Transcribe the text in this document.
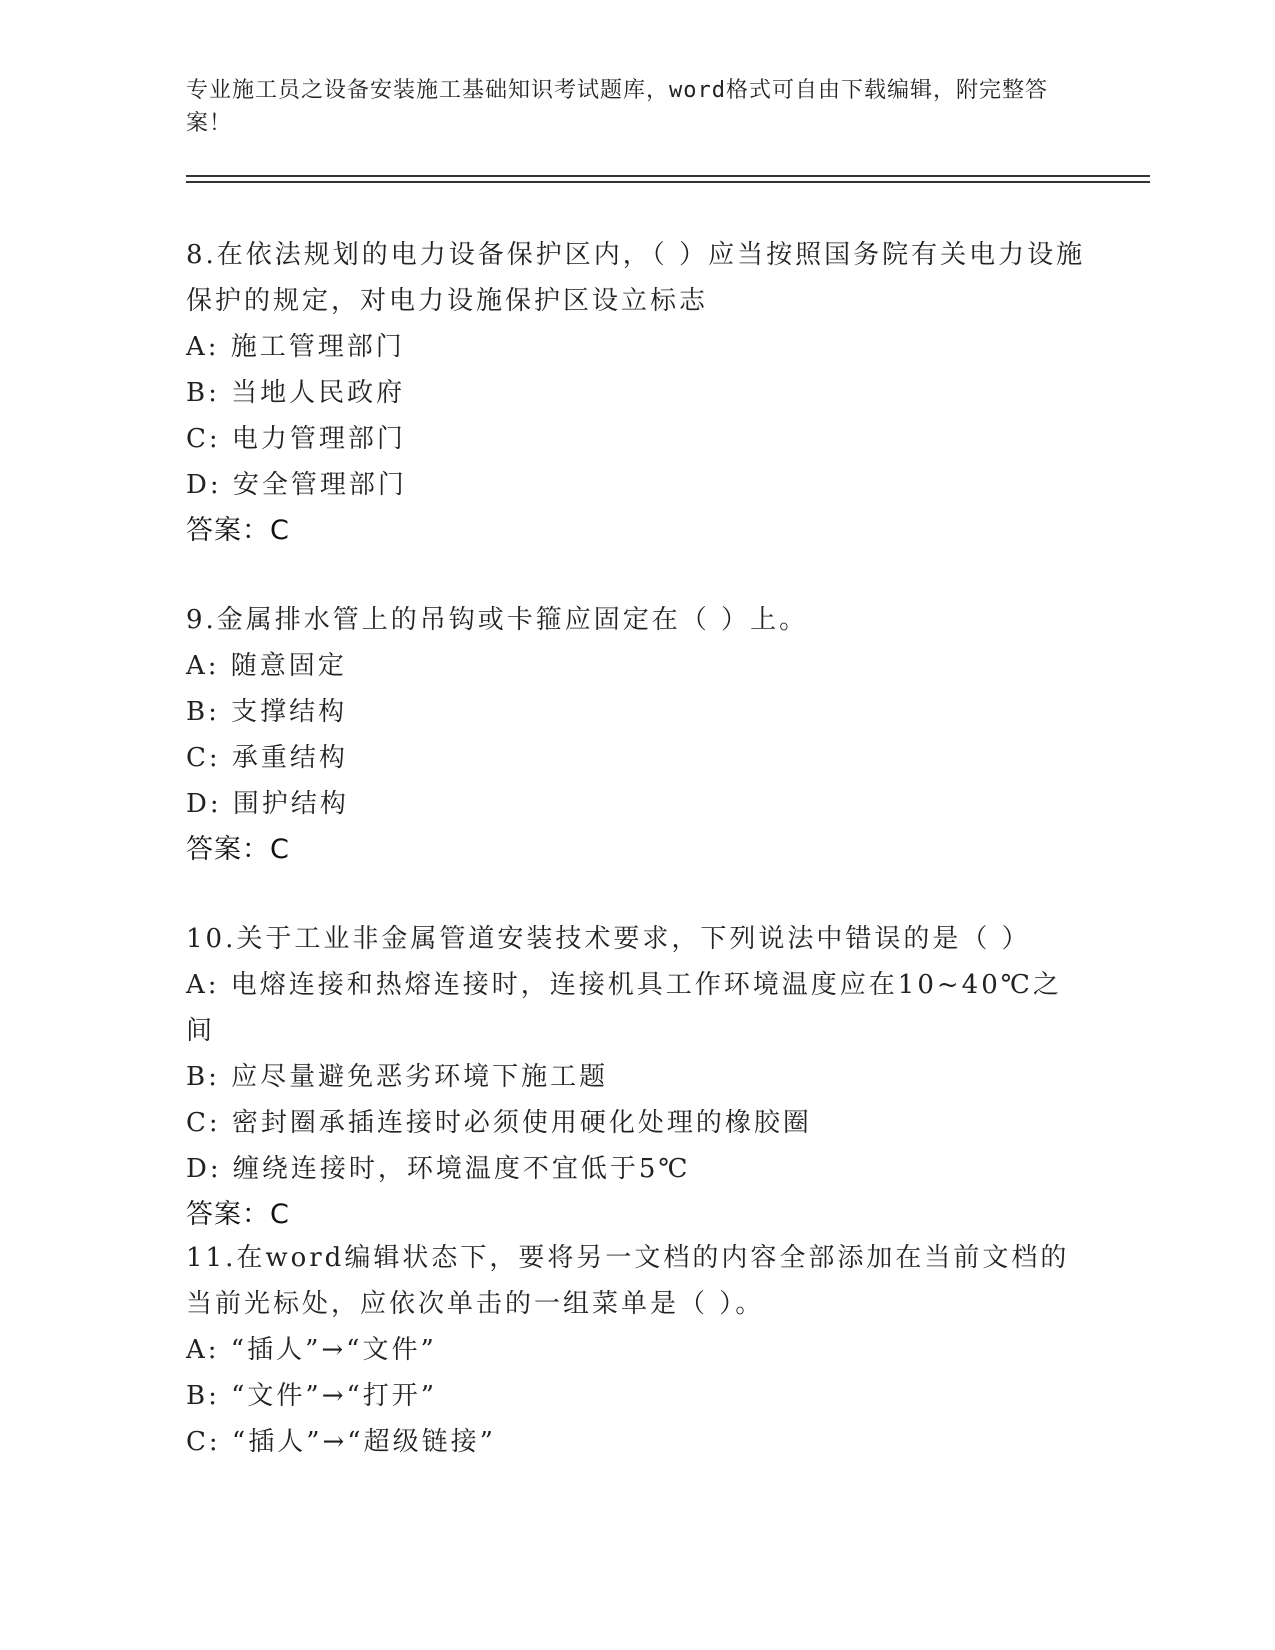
专业施工员之设备安装施工基础知识考试题库，word格式可自由下载编辑，附完整答案！
8.在依法规划的电力设备保护区内，（ ）应当按照国务院有关电力设施保护的规定，对电力设施保护区设立标志
A: 施工管理部门
B: 当地人民政府
C: 电力管理部门
D: 安全管理部门
答案：C
9.金属排水管上的吊钩或卡箍应固定在（ ）上。
A: 随意固定
B: 支撑结构
C: 承重结构
D: 围护结构
答案：C
10.关于工业非金属管道安装技术要求，下列说法中错误的是（ ）
A: 电熔连接和热熔连接时，连接机具工作环境温度应在10~40℃之间
B: 应尽量避免恶劣环境下施工题
C: 密封圈承插连接时必须使用硬化处理的橡胶圈
D: 缠绕连接时，环境温度不宜低于5℃
答案：C
11.在word编辑状态下，要将另一文档的内容全部添加在当前文档的当前光标处，应依次单击的一组菜单是（ ）。
A: “插人”→“文件”
B: “文件”→“打开”
C: “插人”→“超级链接”
